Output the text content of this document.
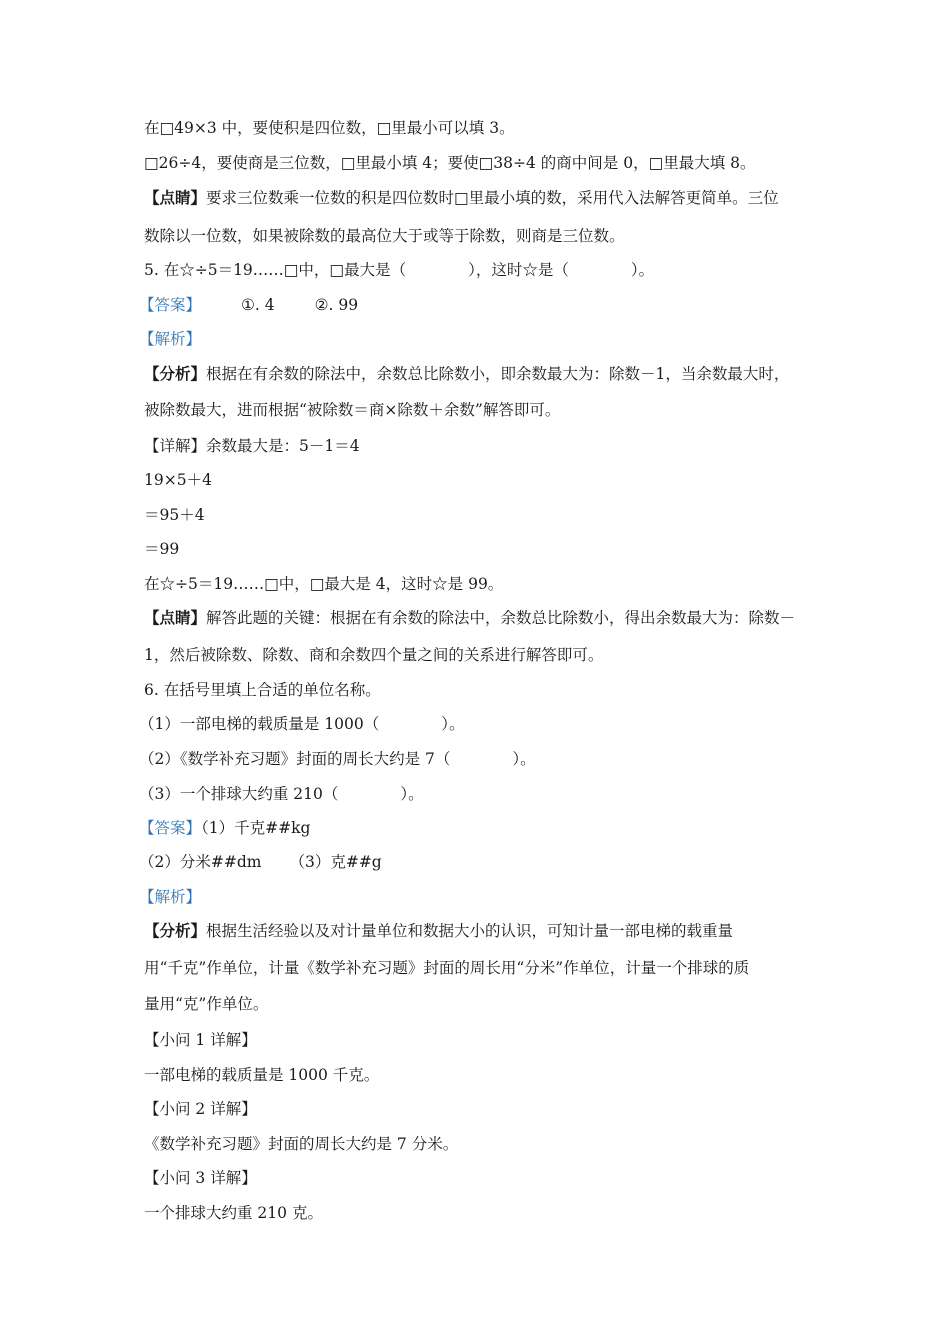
在□49×3 中，要使积是四位数，□里最小可以填 3。
□26÷4，要使商是三位数，□里最小填 4；要使□38÷4 的商中间是 0，□里最大填 8。
【点睛】要求三位数乘一位数的积是四位数时□里最小填的数，采用代入法解答更简单。三位
数除以一位数，如果被除数的最高位大于或等于除数，则商是三位数。
5. 在☆÷5＝19……□中，□最大是（　　　　），这时☆是（　　　　）。
【答案】	①. 4	②. 99
【解析】
【分析】根据在有余数的除法中，余数总比除数小，即余数最大为：除数－1，当余数最大时，
被除数最大，进而根据“被除数＝商×除数＋余数”解答即可。
【详解】余数最大是：5－1＝4
19×5＋4
＝95＋4
＝99
在☆÷5＝19……□中，□最大是 4，这时☆是 99。
【点睛】解答此题的关键：根据在有余数的除法中，余数总比除数小，得出余数最大为：除数－
1，然后被除数、除数、商和余数四个量之间的关系进行解答即可。
6. 在括号里填上合适的单位名称。
（1）一部电梯的载质量是 1000（　　　　）。
（2）《数学补充习题》封面的周长大约是 7（　　　　）。
（3）一个排球大约重 210（　　　　）。
【答案】（1）千克##kg
（2）分米##dm （3）克##g
【解析】
【分析】根据生活经验以及对计量单位和数据大小的认识，可知计量一部电梯的载重量
用“千克”作单位，计量《数学补充习题》封面的周长用“分米”作单位，计量一个排球的质
量用“克”作单位。
【小问 1 详解】
一部电梯的载质量是 1000 千克。
【小问 2 详解】
《数学补充习题》封面的周长大约是 7 分米。
【小问 3 详解】
一个排球大约重 210 克。
